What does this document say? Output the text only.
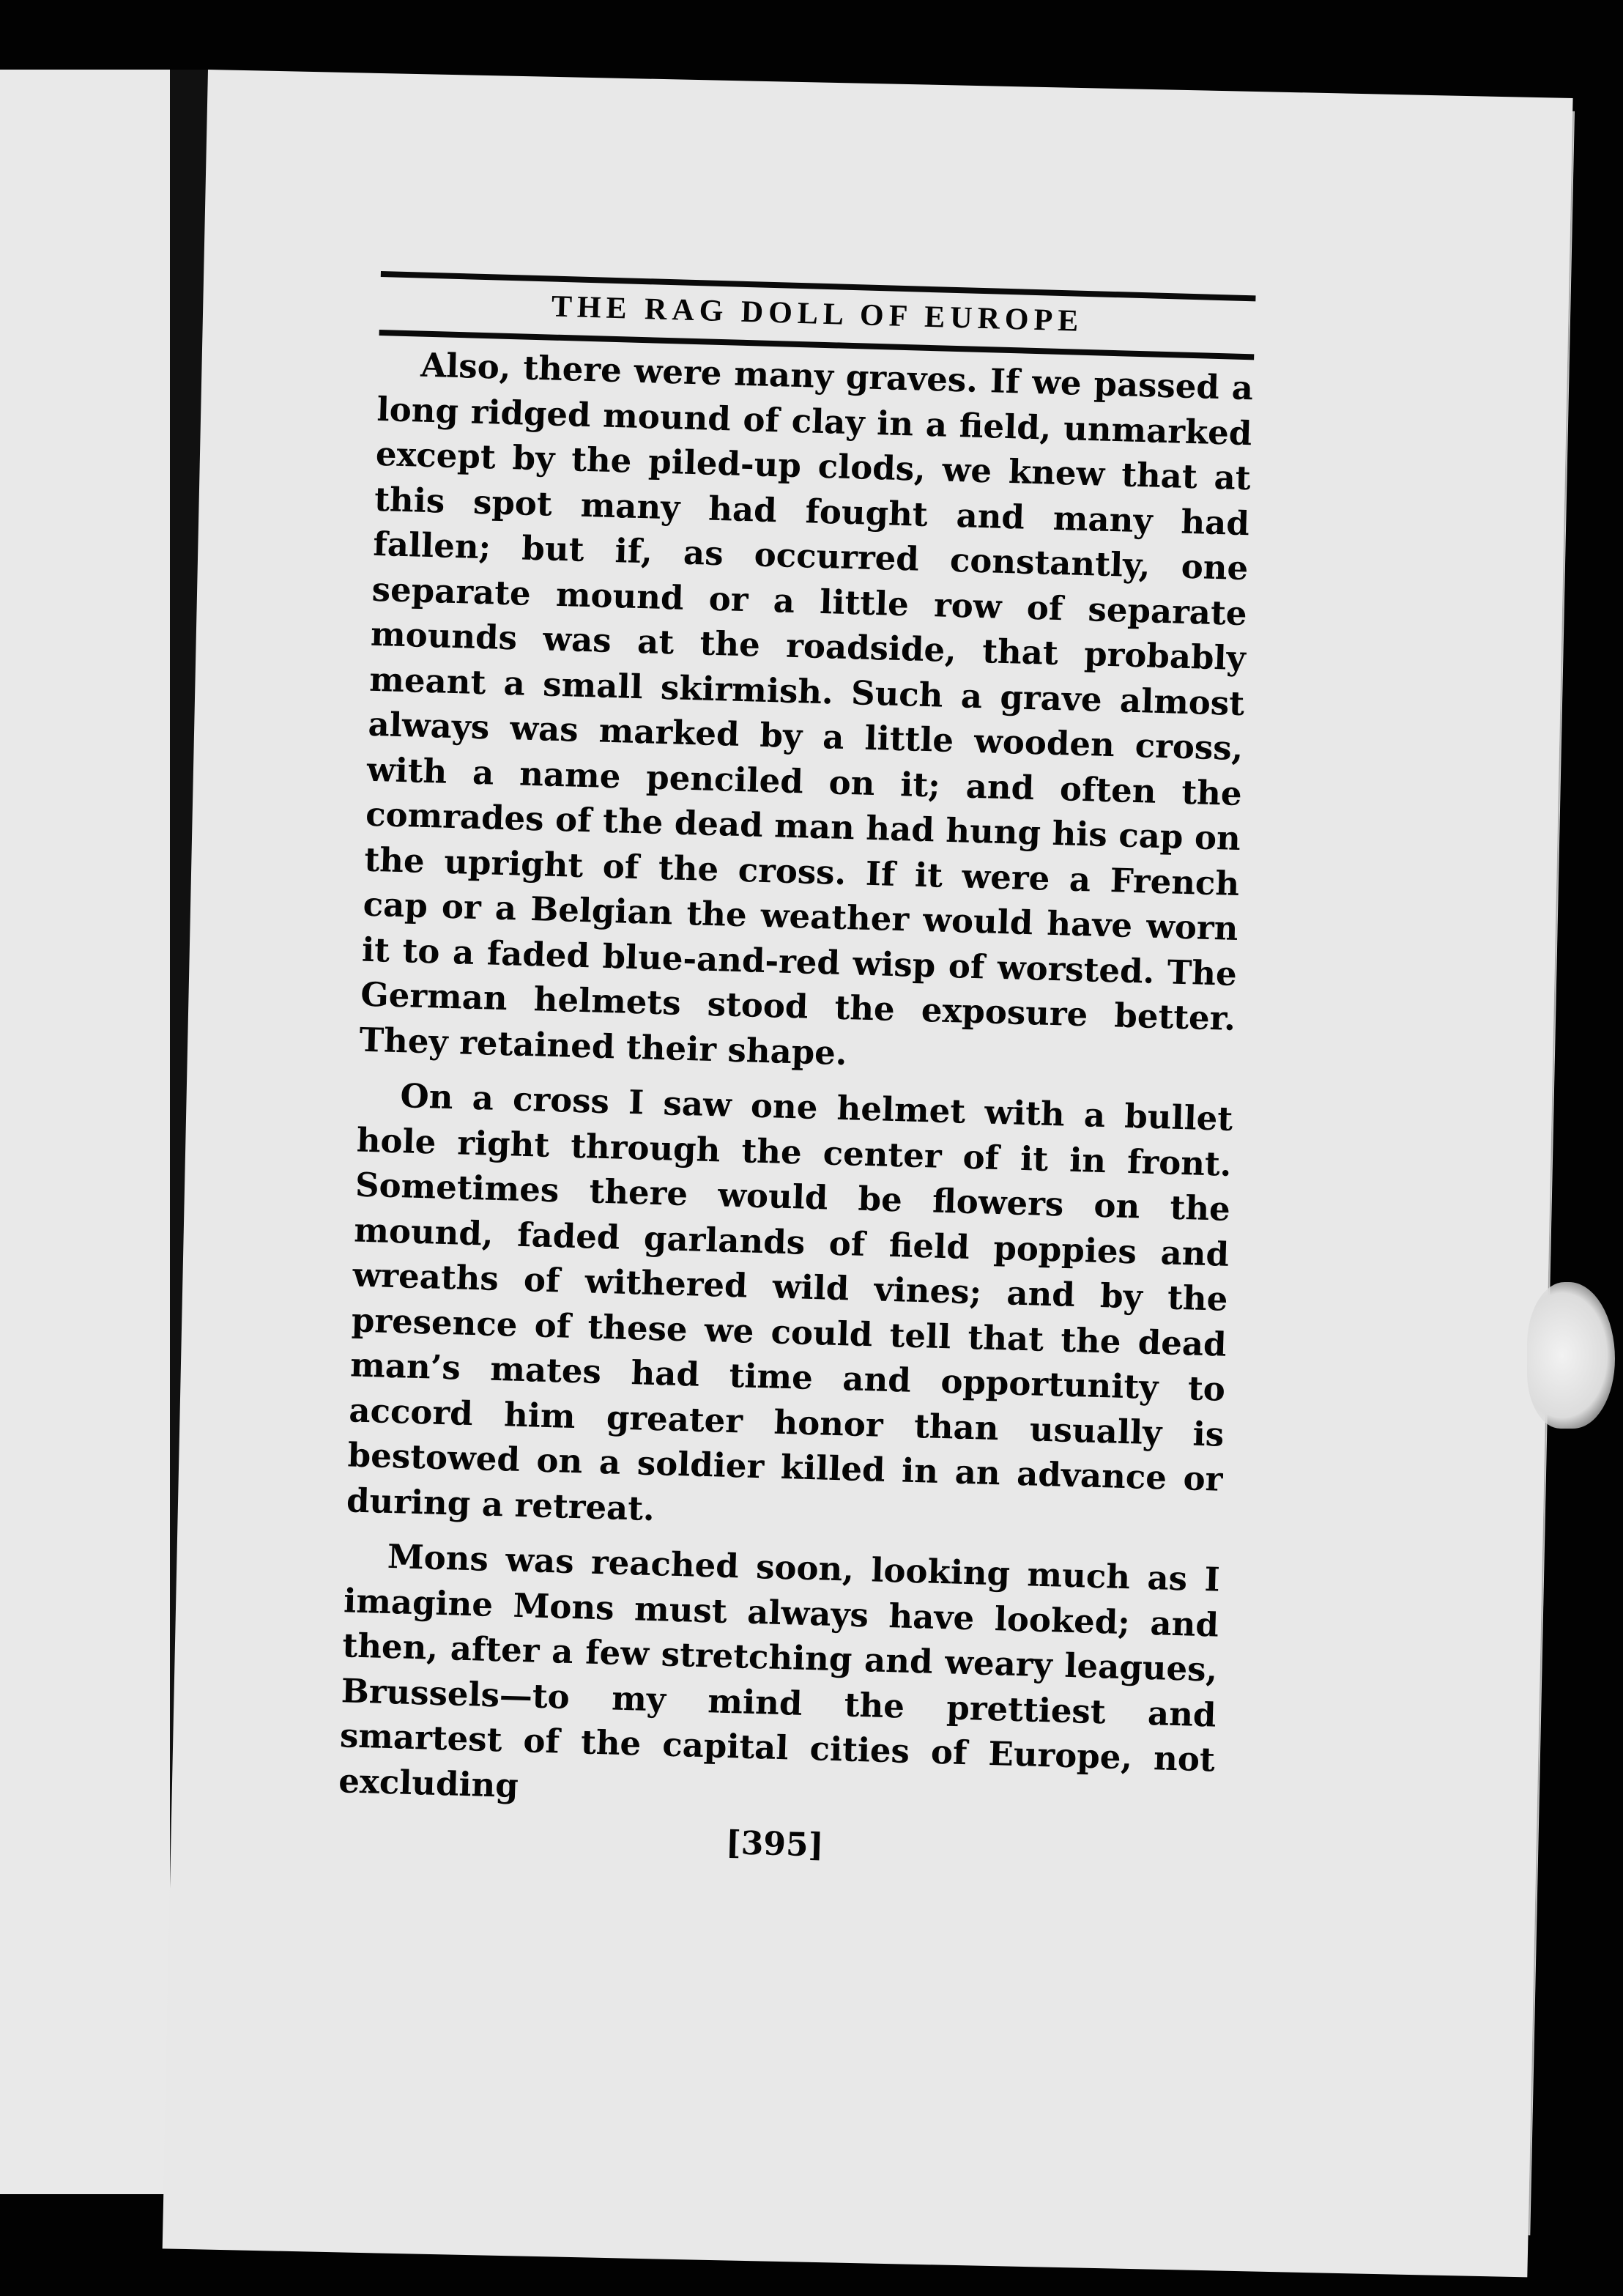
THE RAG DOLL OF EUROPE

Also, there were many graves. If we passed a long ridged mound of clay in a field, unmarked except by the piled-up clods, we knew that at this spot many had fought and many had fallen; but if, as occurred constantly, one separate mound or a little row of separate mounds was at the roadside, that probably meant a small skirmish. Such a grave almost always was marked by a little wooden cross, with a name penciled on it; and often the comrades of the dead man had hung his cap on the upright of the cross. If it were a French cap or a Belgian the weather would have worn it to a faded blue-and-red wisp of worsted. The German helmets stood the exposure better. They retained their shape.

On a cross I saw one helmet with a bullet hole right through the center of it in front. Sometimes there would be flowers on the mound, faded garlands of field poppies and wreaths of withered wild vines; and by the presence of these we could tell that the dead man’s mates had time and opportunity to accord him greater honor than usually is bestowed on a soldier killed in an advance or during a retreat.

Mons was reached soon, looking much as I imagine Mons must always have looked; and then, after a few stretching and weary leagues, Brussels—to my mind the prettiest and smartest of the capital cities of Europe, not excluding

[395]
